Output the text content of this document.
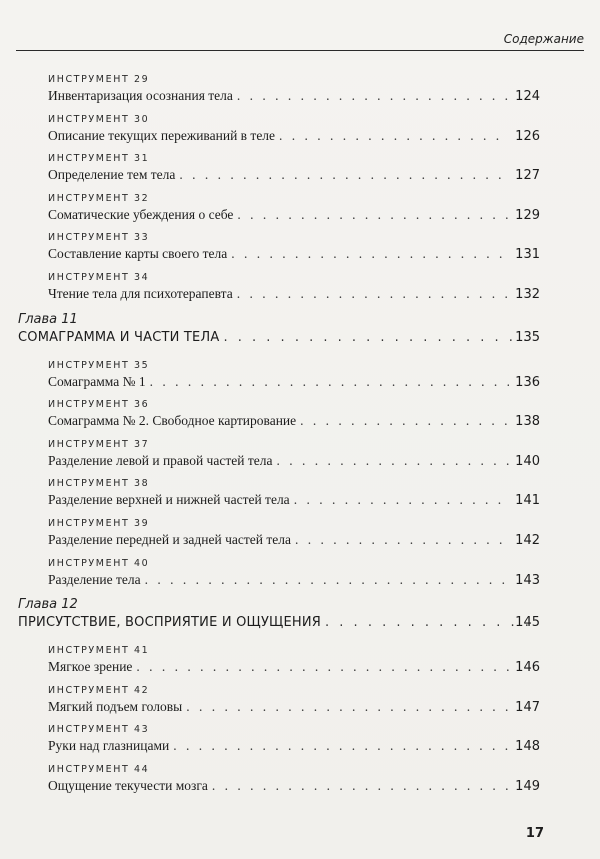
Содержание
ИНСТРУМЕНТ 29
Инвентаризация осознания тела . . .	124
ИНСТРУМЕНТ 30
Описание текущих переживаний в теле . . .	126
ИНСТРУМЕНТ 31
Определение тем тела . . .	127
ИНСТРУМЕНТ 32
Соматические убеждения о себе . . .	129
ИНСТРУМЕНТ 33
Составление карты своего тела . . .	131
ИНСТРУМЕНТ 34
Чтение тела для психотерапевта . . .	132
Глава 11
СОМАГРАММА И ЧАСТИ ТЕЛА . . .	135
ИНСТРУМЕНТ 35
Сомаграмма № 1 . . .	136
ИНСТРУМЕНТ 36
Сомаграмма № 2. Свободное картирование . . .	138
ИНСТРУМЕНТ 37
Разделение левой и правой частей тела . . .	140
ИНСТРУМЕНТ 38
Разделение верхней и нижней частей тела . . .	141
ИНСТРУМЕНТ 39
Разделение передней и задней частей тела . . .	142
ИНСТРУМЕНТ 40
Разделение тела . . .	143
Глава 12
ПРИСУТСТВИЕ, ВОСПРИЯТИЕ И ОЩУЩЕНИЯ . . .	145
ИНСТРУМЕНТ 41
Мягкое зрение . . .	146
ИНСТРУМЕНТ 42
Мягкий подъем головы . . .	147
ИНСТРУМЕНТ 43
Руки над глазницами . . .	148
ИНСТРУМЕНТ 44
Ощущение текучести мозга . . .	149
17
